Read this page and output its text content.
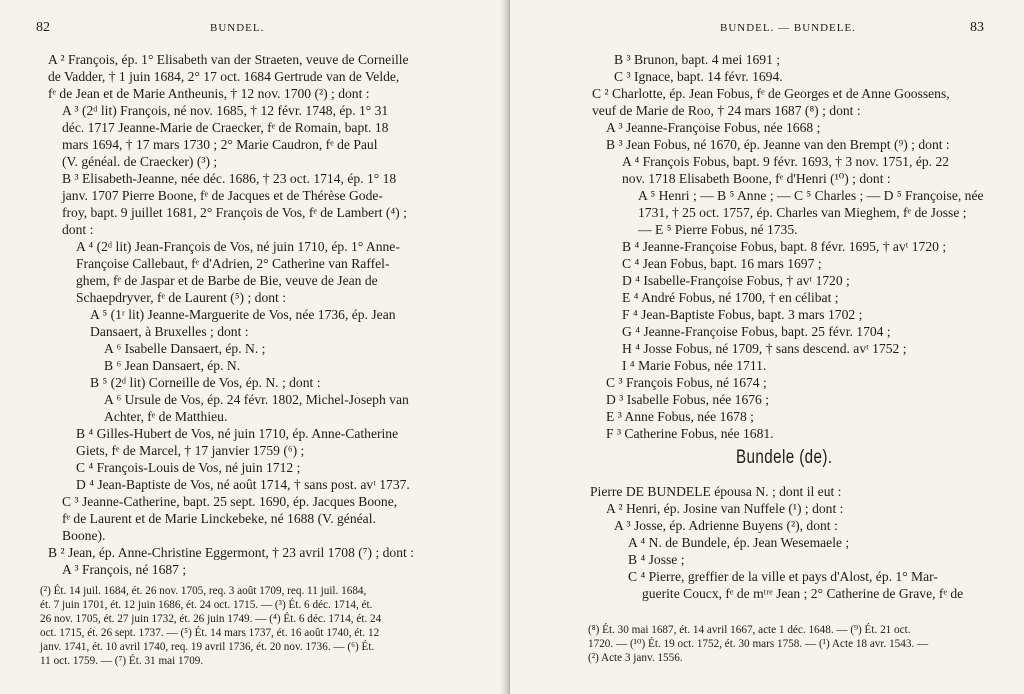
82	BUNDEL.
A ² François, ép. 1° Elisabeth van der Straeten, veuve de Corneille
de Vadder, † 1 juin 1684, 2° 17 oct. 1684 Gertrude van de Velde,
fᵉ de Jean et de Marie Antheunis, † 12 nov. 1700 (²) ; dont :
A ³ (2ᵈ lit) François, né nov. 1685, † 12 févr. 1748, ép. 1° 31
déc. 1717 Jeanne-Marie de Craecker, fᵉ de Romain, bapt. 18
mars 1694, † 17 mars 1730 ; 2° Marie Caudron, fᵉ de Paul
(V. généal. de Craecker) (³) ;
B ³ Elisabeth-Jeanne, née déc. 1686, † 23 oct. 1714, ép. 1° 18
janv. 1707 Pierre Boone, fᵉ de Jacques et de Thérèse Gode-
froy, bapt. 9 juillet 1681, 2° François de Vos, fᵉ de Lambert (⁴) ;
dont :
A ⁴ (2ᵈ lit) Jean-François de Vos, né juin 1710, ép. 1° Anne-
Françoise Callebaut, fᵉ d'Adrien, 2° Catherine van Raffel-
ghem, fᵉ de Jaspar et de Barbe de Bie, veuve de Jean de
Schaepdryver, fᵉ de Laurent (⁵) ; dont :
A ⁵ (1ʳ lit) Jeanne-Marguerite de Vos, née 1736, ép. Jean
Dansaert, à Bruxelles ; dont :
A ⁶ Isabelle Dansaert, ép. N. ;
B ⁶ Jean Dansaert, ép. N.
B ⁵ (2ᵈ lit) Corneille de Vos, ép. N. ; dont :
A ⁶ Ursule de Vos, ép. 24 févr. 1802, Michel-Joseph van
Achter, fᵉ de Matthieu.
B ⁴ Gilles-Hubert de Vos, né juin 1710, ép. Anne-Catherine
Giets, fᵉ de Marcel, † 17 janvier 1759 (⁶) ;
C ⁴ François-Louis de Vos, né juin 1712 ;
D ⁴ Jean-Baptiste de Vos, né août 1714, † sans post. avᵗ 1737.
C ³ Jeanne-Catherine, bapt. 25 sept. 1690, ép. Jacques Boone,
fᵉ de Laurent et de Marie Linckebeke, né 1688 (V. généal.
Boone).
B ² Jean, ép. Anne-Christine Eggermont, † 23 avril 1708 (⁷) ; dont :
A ³ François, né 1687 ;
(²) Ét. 14 juil. 1684, ét. 26 nov. 1705, req. 3 août 1709, req. 11 juil. 1684,
ét. 7 juin 1701, ét. 12 juin 1686, ét. 24 oct. 1715. — (³) Ét. 6 déc. 1714, ét.
26 nov. 1705, ét. 27 juin 1732, ét. 26 juin 1749. — (⁴) Ét. 6 déc. 1714, ét. 24
oct. 1715, ét. 26 sept. 1737. — (⁵) Ét. 14 mars 1737, ét. 16 août 1740, ét. 12
janv. 1741, ét. 10 avril 1740, req. 19 avril 1736, ét. 20 nov. 1736. — (⁶) Ét.
11 oct. 1759. — (⁷) Ét. 31 mai 1709.
BUNDEL. — BUNDELE.	83
B ³ Brunon, bapt. 4 mei 1691 ;
C ³ Ignace, bapt. 14 févr. 1694.
C ² Charlotte, ép. Jean Fobus, fᵉ de Georges et de Anne Goossens,
veuf de Marie de Roo, † 24 mars 1687 (⁸) ; dont :
A ³ Jeanne-Françoise Fobus, née 1668 ;
B ³ Jean Fobus, né 1670, ép. Jeanne van den Brempt (⁹) ; dont :
A ⁴ François Fobus, bapt. 9 févr. 1693, † 3 nov. 1751, ép. 22
nov. 1718 Elisabeth Boone, fᵉ d'Henri (¹⁰) ; dont :
A ⁵ Henri ; — B ⁵ Anne ; — C ⁵ Charles ; — D ⁵ Françoise, née
1731, † 25 oct. 1757, ép. Charles van Mieghem, fᵉ de Josse ;
— E ⁵ Pierre Fobus, né 1735.
B ⁴ Jeanne-Françoise Fobus, bapt. 8 févr. 1695, † avᵗ 1720 ;
C ⁴ Jean Fobus, bapt. 16 mars 1697 ;
D ⁴ Isabelle-Françoise Fobus, † avᵗ 1720 ;
E ⁴ André Fobus, né 1700, † en célibat ;
F ⁴ Jean-Baptiste Fobus, bapt. 3 mars 1702 ;
G ⁴ Jeanne-Françoise Fobus, bapt. 25 févr. 1704 ;
H ⁴ Josse Fobus, né 1709, † sans descend. avᵗ 1752 ;
I ⁴ Marie Fobus, née 1711.
C ³ François Fobus, né 1674 ;
D ³ Isabelle Fobus, née 1676 ;
E ³ Anne Fobus, née 1678 ;
F ³ Catherine Fobus, née 1681.
Bundele (de).
Pierre DE BUNDELE épousa N. ; dont il eut :
A ² Henri, ép. Josine van Nuffele (¹) ; dont :
A ³ Josse, ép. Adrienne Buyens (²), dont :
A ⁴ N. de Bundele, ép. Jean Wesemaele ;
B ⁴ Josse ;
C ⁴ Pierre, greffier de la ville et pays d'Alost, ép. 1° Mar-
guerite Coucx, fᵉ de mᵗʳᵉ Jean ; 2° Catherine de Grave, fᵉ de
(⁸) Ét. 30 mai 1687, ét. 14 avril 1667, acte 1 déc. 1648. — (⁹) Ét. 21 oct.
1720. — (¹⁰) Ét. 19 oct. 1752, ét. 30 mars 1758. — (¹) Acte 18 avr. 1543. —
(²) Acte 3 janv. 1556.
